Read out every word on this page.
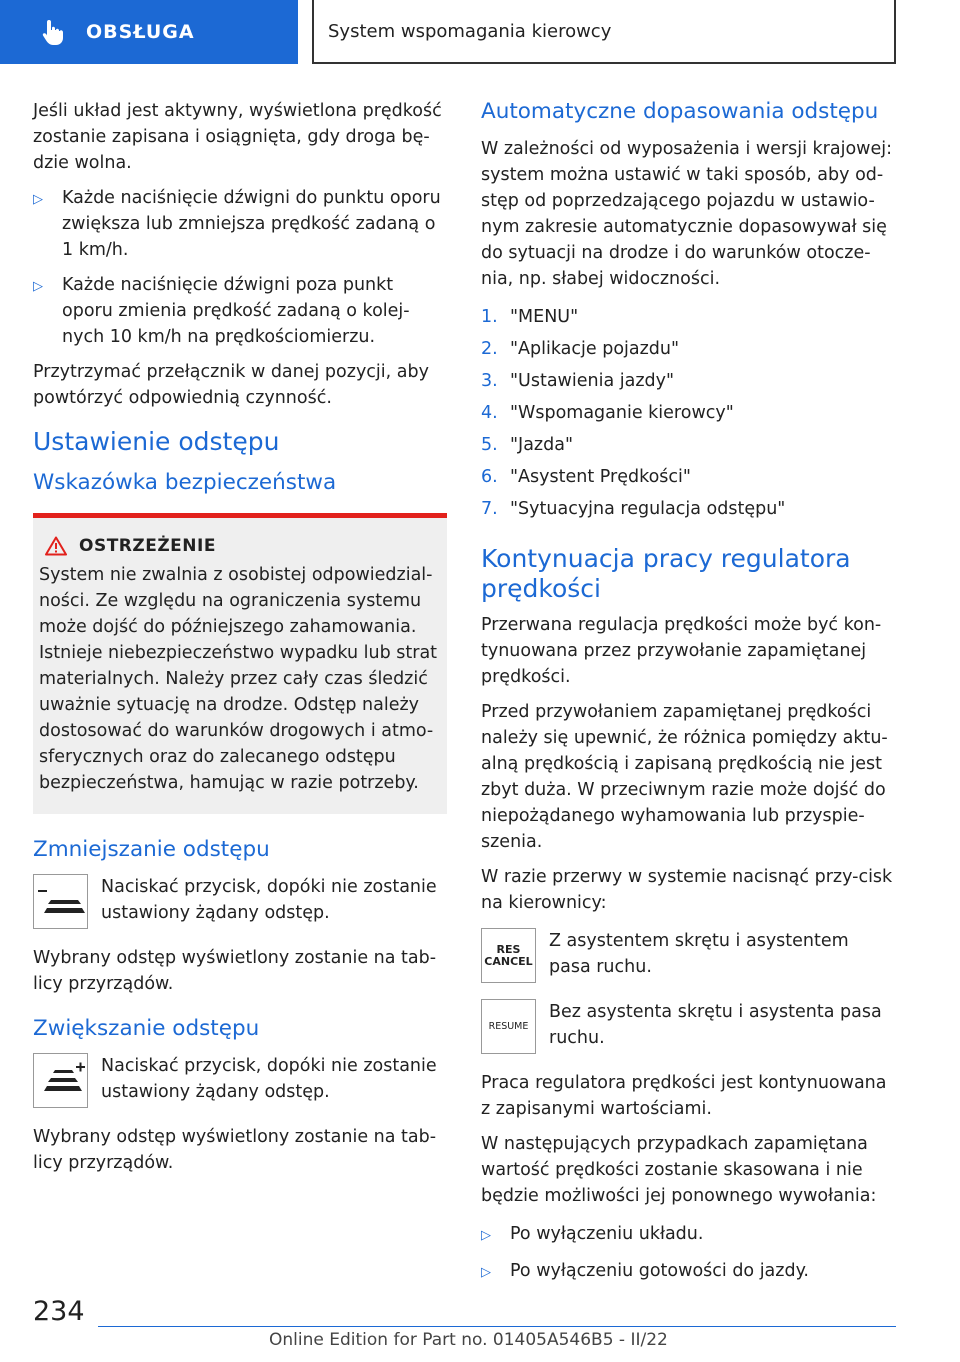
OBSŁUGA	System wspomagania kierowcy

Jeśli układ jest aktywny, wyświetlona prędkość zostanie zapisana i osiągnięta, gdy droga bę-dzie wolna.

▷	Każde naciśnięcie dźwigni do punktu oporu zwiększa lub zmniejsza prędkość zadaną o 1 km/h.
▷	Każde naciśnięcie dźwigni poza punkt oporu zmienia prędkość zadaną o kolej-nych 10 km/h na prędkościomierzu.

Przytrzymać przełącznik w danej pozycji, aby powtórzyć odpowiednią czynność.

Ustawienie odstępu
Wskazówka bezpieczeństwa
OSTRZEŻENIE
System nie zwalnia z osobistej odpowiedzial-ności. Ze względu na ograniczenia systemu może dojść do późniejszego zahamowania. Istnieje niebezpieczeństwo wypadku lub strat materialnych. Należy przez cały czas śledzić uważnie sytuację na drodze. Odstęp należy dostosować do warunków drogowych i atmo-sferycznych oraz do zalecanego odstępu bezpieczeństwa, hamując w razie potrzeby.
Zmniejszanie odstępu
Naciskać przycisk, dopóki nie zostanie ustawiony żądany odstęp.

Wybrany odstęp wyświetlony zostanie na tab-licy przyrządów.

Zwiększanie odstępu
Naciskać przycisk, dopóki nie zostanie ustawiony żądany odstęp.

Wybrany odstęp wyświetlony zostanie na tab-licy przyrządów.

Automatyczne dopasowania odstępu

W zależności od wyposażenia i wersji krajowej: system można ustawić w taki sposób, aby od-stęp od poprzedzającego pojazdu w ustawio-nym zakresie automatycznie dopasowywał się do sytuacji na drodze i do warunków otocze-nia, np. słabej widoczności.

1. "MENU"
2. "Aplikacje pojazdu"
3. "Ustawienia jazdy"
4. "Wspomaganie kierowcy"
5. "Jazda"
6. "Asystent Prędkości"
7. "Sytuacyjna regulacja odstępu"
Kontynuacja pracy regulatora prędkości

Przerwana regulacja prędkości może być kon-tynuowana przez przywołanie zapamiętanej prędkości.

Przed przywołaniem zapamiętanej prędkości należy się upewnić, że różnica pomiędzy aktu-alną prędkością i zapisaną prędkością nie jest zbyt duża. W przeciwnym razie może dojść do niepożądanego wyhamowania lub przyspie-szenia.

W razie przerwy w systemie nacisnąć przy-cisk na kierownicy:

RES
CANCEL
Z asystentem skrętu i asystentem pasa ruchu.
RESUME
Bez asystenta skrętu i asystenta pasa ruchu.

Praca regulatora prędkości jest kontynuowana z zapisanymi wartościami.

W następujących przypadkach zapamiętana wartość prędkości zostanie skasowana i nie będzie możliwości jej ponownego wywołania:

▷	Po wyłączeniu układu.
▷	Po wyłączeniu gotowości do jazdy.
234
Online Edition for Part no. 01405A546B5 - II/22
